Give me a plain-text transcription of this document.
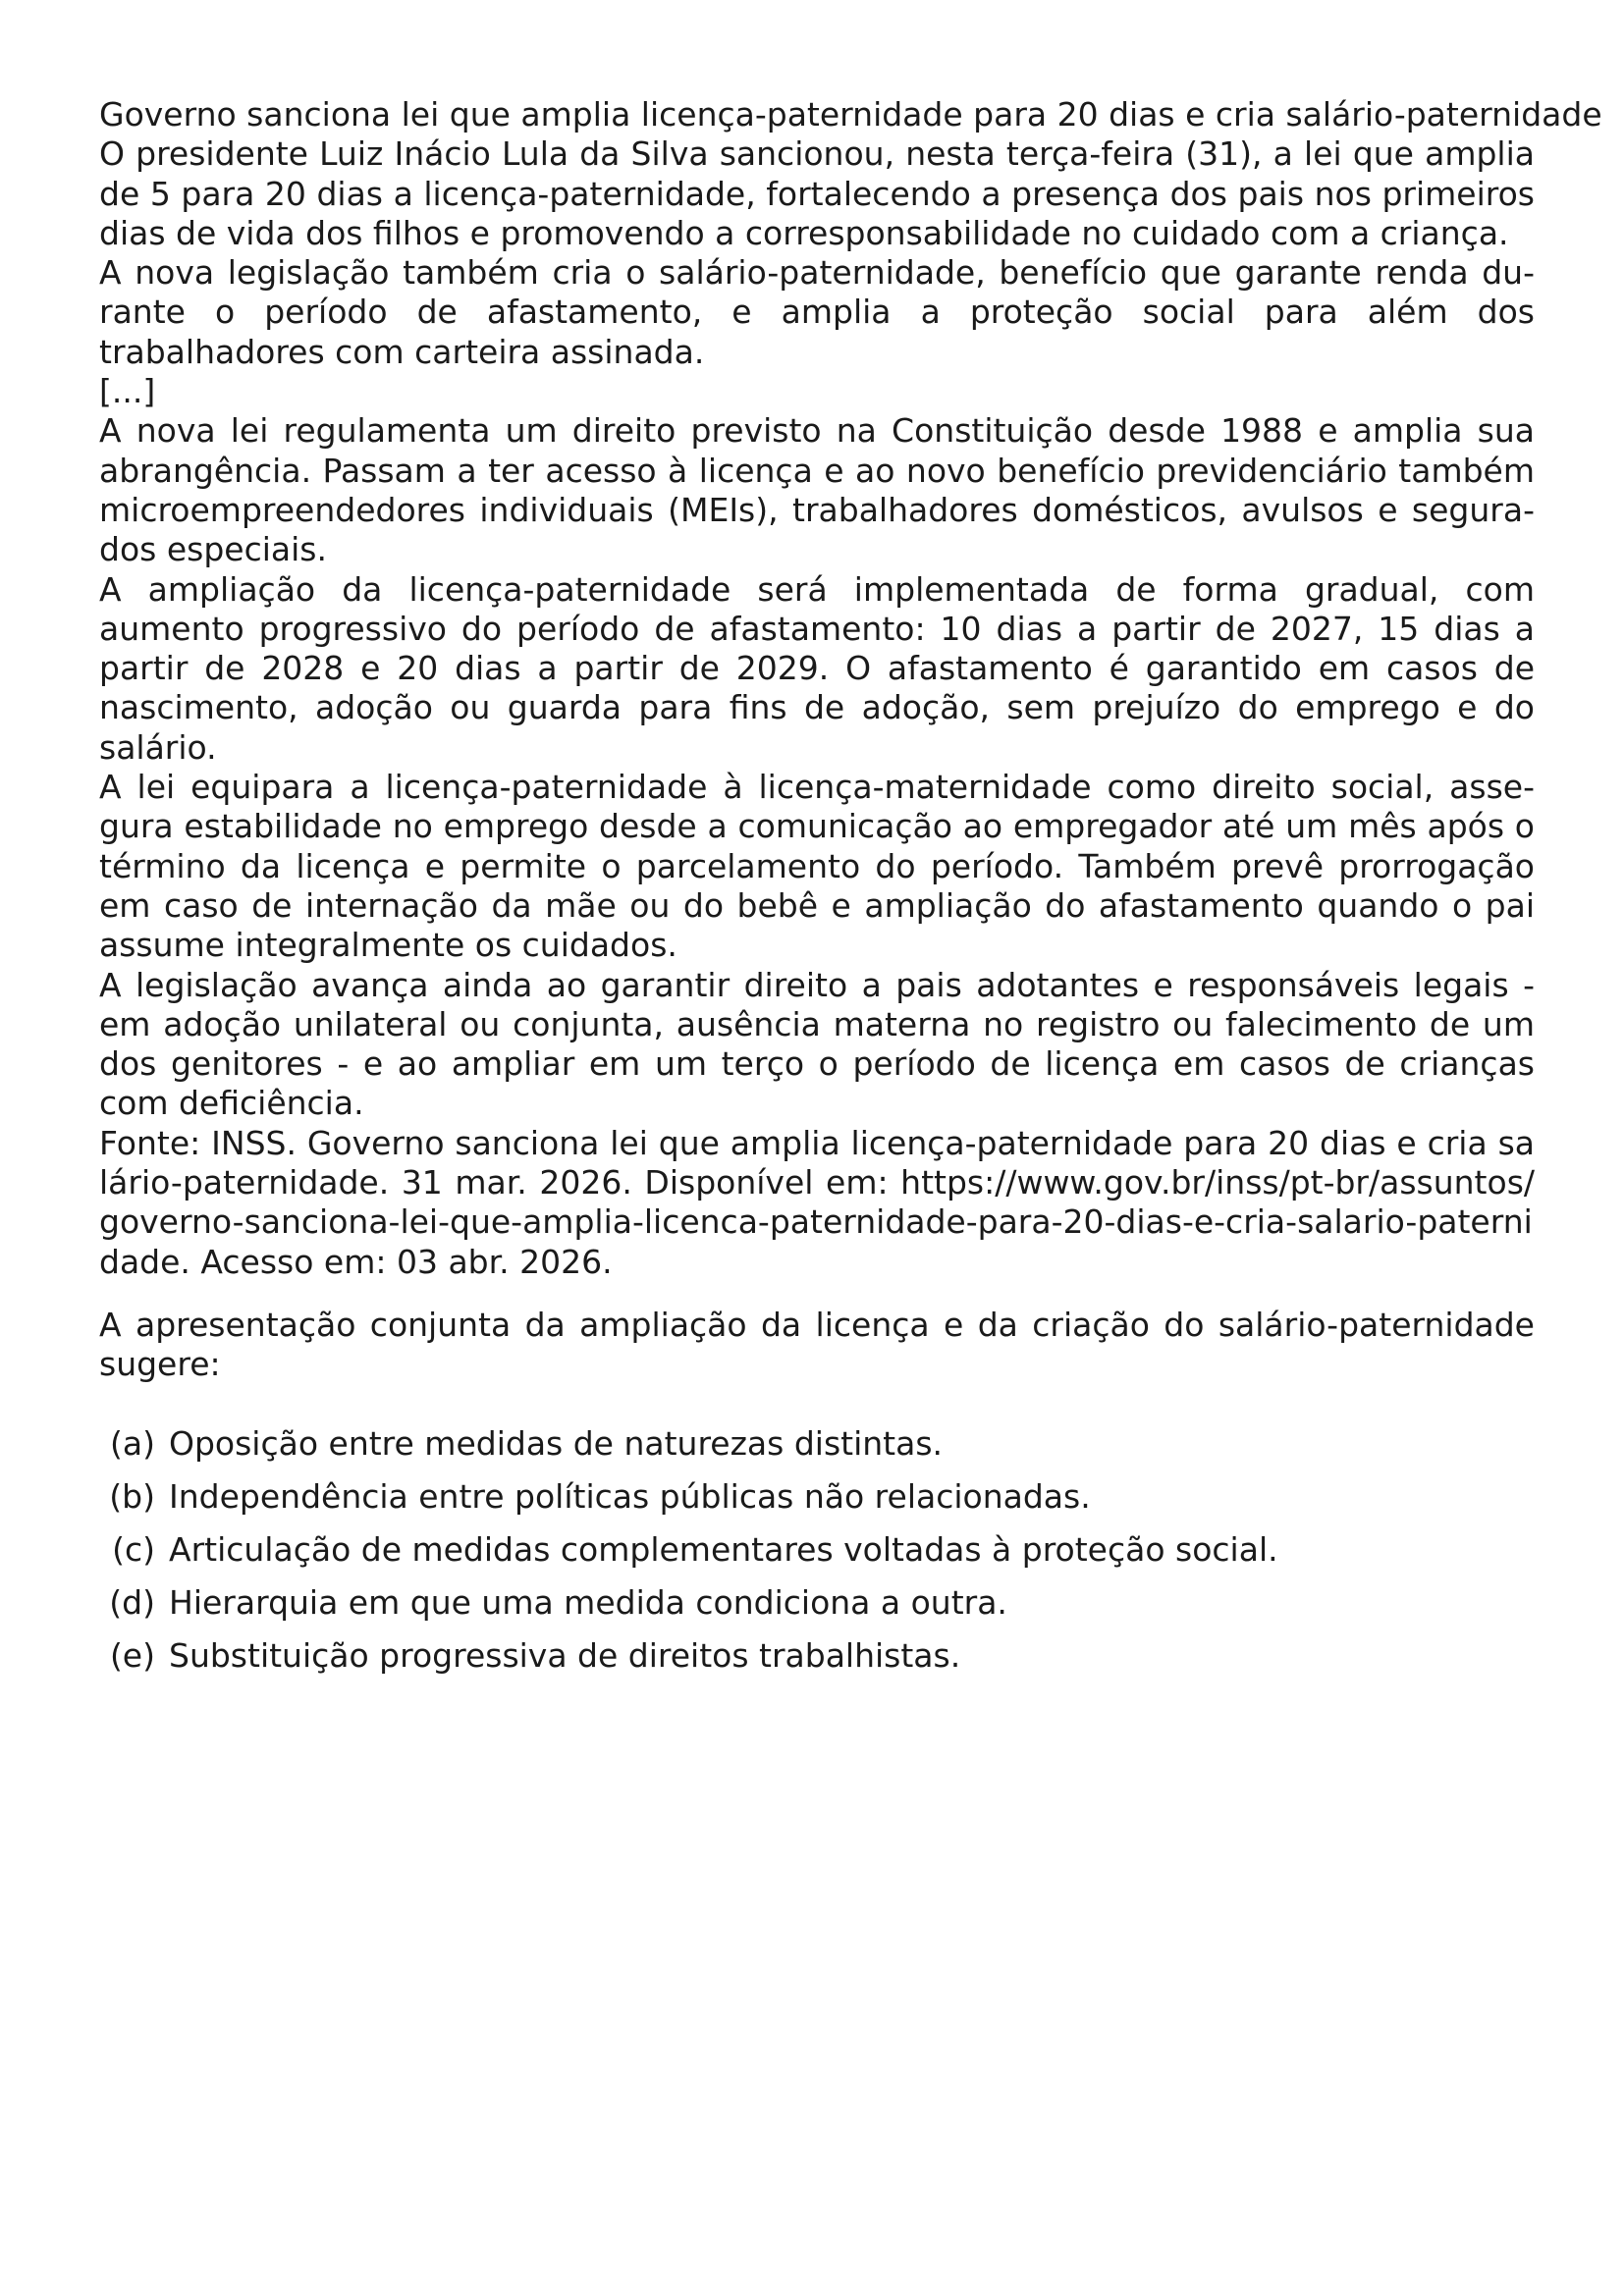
Governo sanciona lei que amplia licença-paternidade para 20 dias e cria salário-paternidade

O presidente Luiz Inácio Lula da Silva sancionou, nesta terça-feira (31), a lei que amplia de 5 para 20 dias a licença-paternidade, fortalecendo a presença dos pais nos primeiros dias de vida dos filhos e promovendo a corresponsabilidade no cuidado com a criança.

A nova legislação também cria o salário-paternidade, benefício que garante renda durante o período de afastamento, e amplia a proteção social para além dos trabalhadores com carteira assinada.

[...]

A nova lei regulamenta um direito previsto na Constituição desde 1988 e amplia sua abrangência. Passam a ter acesso à licença e ao novo benefício previdenciário também microempreendedores individuais (MEIs), trabalhadores domésticos, avulsos e segurados especiais.

A ampliação da licença-paternidade será implementada de forma gradual, com aumento progressivo do período de afastamento: 10 dias a partir de 2027, 15 dias a partir de 2028 e 20 dias a partir de 2029. O afastamento é garantido em casos de nascimento, adoção ou guarda para fins de adoção, sem prejuízo do emprego e do salário.

A lei equipara a licença-paternidade à licença-maternidade como direito social, assegura estabilidade no emprego desde a comunicação ao empregador até um mês após o término da licença e permite o parcelamento do período. Também prevê prorrogação em caso de internação da mãe ou do bebê e ampliação do afastamento quando o pai assume integralmente os cuidados.

A legislação avança ainda ao garantir direito a pais adotantes e responsáveis legais - em adoção unilateral ou conjunta, ausência materna no registro ou falecimento de um dos genitores - e ao ampliar em um terço o período de licença em casos de crianças com deficiência.

Fonte: INSS. Governo sanciona lei que amplia licença-paternidade para 20 dias e cria salário-paternidade. 31 mar. 2026. Disponível em: https://www.gov.br/inss/pt-br/assuntos/governo-sanciona-lei-que-amplia-licenca-paternidade-para-20-dias-e-cria-salario-paternidade. Acesso em: 03 abr. 2026.

A apresentação conjunta da ampliação da licença e da criação do salário-paternidade sugere:

(a) Oposição entre medidas de naturezas distintas.
(b) Independência entre políticas públicas não relacionadas.
(c) Articulação de medidas complementares voltadas à proteção social.
(d) Hierarquia em que uma medida condiciona a outra.
(e) Substituição progressiva de direitos trabalhistas.
